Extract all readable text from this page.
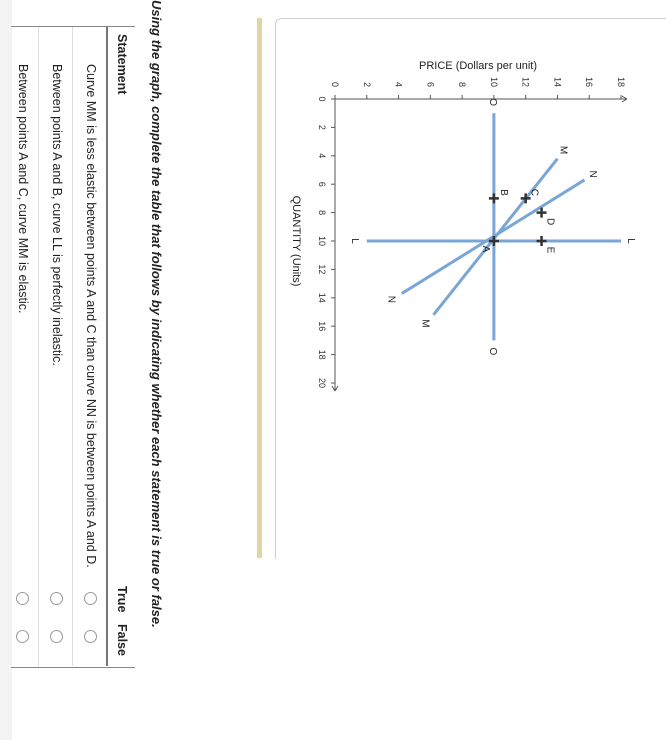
0
2
4
6
8
10
12
14
16
18
20
0 2 4 6 8 10 12 14 16 18
QUANTITY (Units)
PRICE (Dollars per unit)
L
L
O
O
M
M
N
N
A
B C
D
E
Using the graph, complete the table that follows by indicating whether each statement is true or false.
Statement
True
False
Curve MM is less elastic between points A and C than curve NN is between points A and D.
Between points A and B, curve LL is perfectly inelastic.
Between points A and C, curve MM is elastic.
